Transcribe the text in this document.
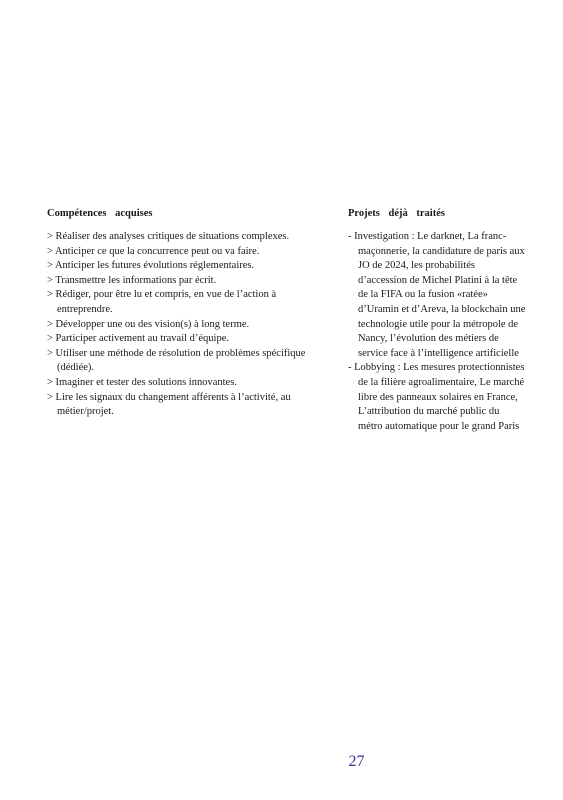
Compétences acquises
> Réaliser des analyses critiques de situations complexes.
> Anticiper ce que la concurrence peut ou va faire.
> Anticiper les futures évolutions réglementaires.
> Transmettre les informations par écrit.
> Rédiger, pour être lu et compris, en vue de l’action à entreprendre.
> Développer une ou des vision(s) à long terme.
> Participer activement au travail d’équipe.
> Utiliser une méthode de résolution de problèmes spécifique (dédiée).
> Imaginer et tester des solutions innovantes.
> Lire les signaux du changement afférents à l’activité, au métier/projet.
Projets déjà traités
- Investigation : Le darknet, La franc-maçonnerie, la candidature de paris aux JO de 2024, les probabilités d’accession de Michel Platini à la tête de la FIFA ou la fusion «ratée» d’Uramin et d’Areva, la blockchain une technologie utile pour la métropole de Nancy, l’évolution des métiers de service face à l’intelligence artificielle
- Lobbying : Les mesures protectionnistes de la filière agroalimentaire, Le marché libre des panneaux solaires en France, L’attribution du marché public du métro automatique pour le grand Paris
27
